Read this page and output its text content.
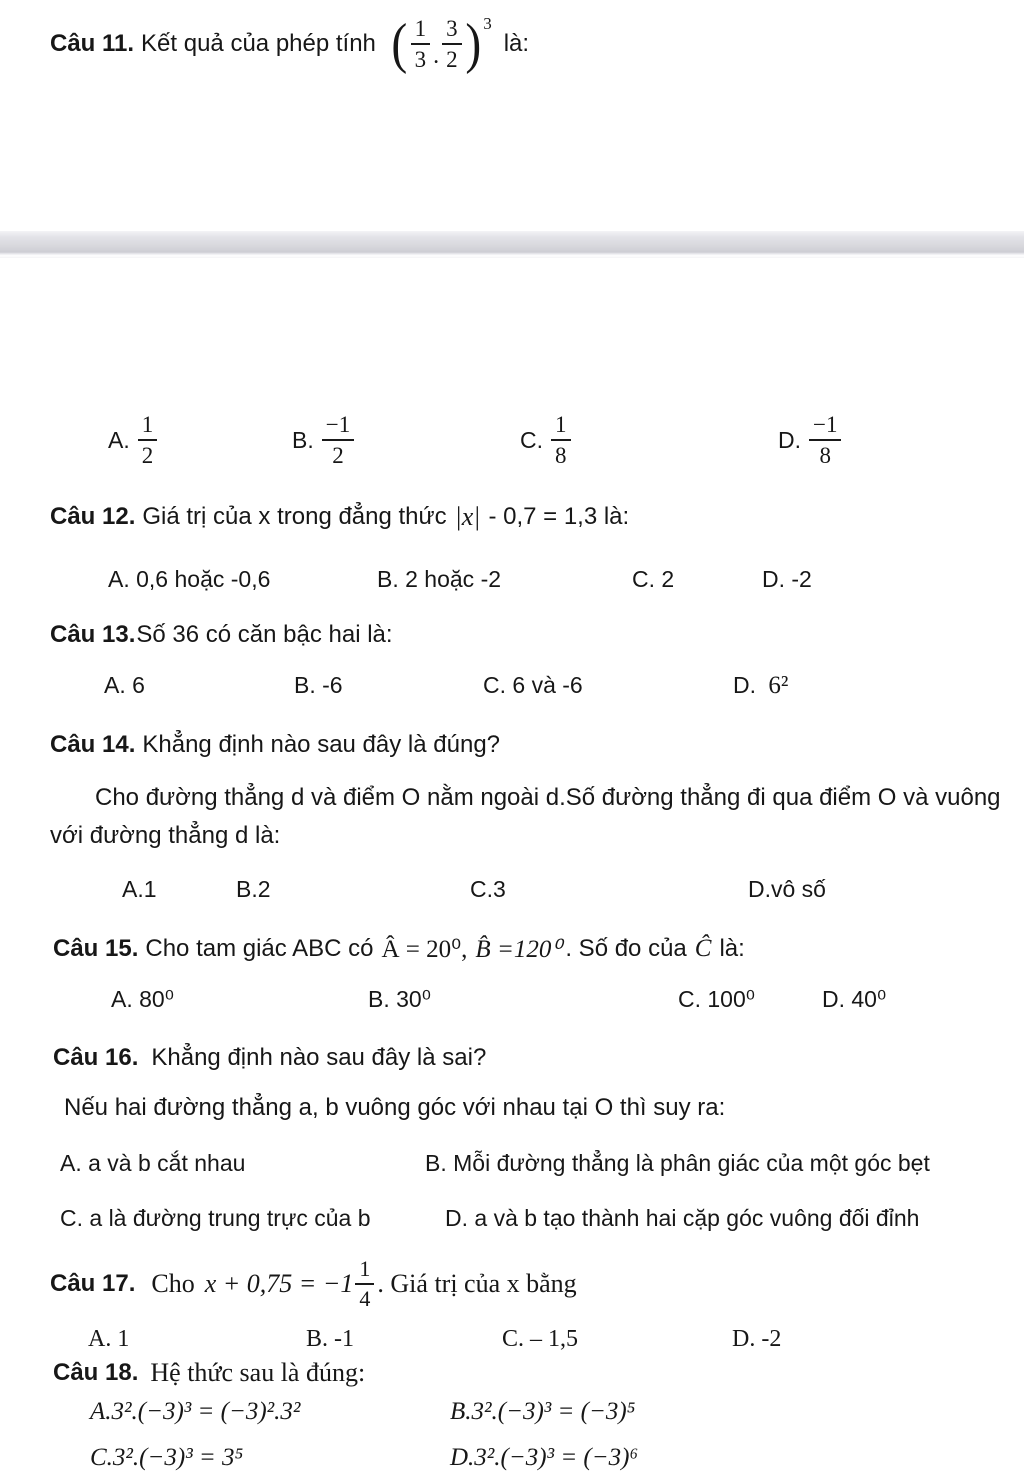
Câu 11. Kết quả của phép tính ( $\frac{1}{3}$ . $\frac{3}{2}$ ) 3
là:
A. $\frac{1}{2}$	B. $\frac{-1}{2}$	C. $\frac{1}{8}$	D. $\frac{-1}{8}$
Câu 12. Giá trị của x trong đẳng thức |x| - 0,7 = 1,3 là:
A. 0,6 hoặc -0,6	B. 2 hoặc -2	C. 2	D. -2
Câu 13. Số 36 có căn bậc hai là:
A. 6	B. -6	C. 6 và -6	D. 6²
Câu 14. Khẳng định nào sau đây là đúng?
Cho đường thẳng d và điểm O nằm ngoài d.Số đường thẳng đi qua điểm O và vuông
với đường thẳng d là:
A.1	B.2	C.3	D.vô số
Câu 15. Cho tam giác ABC có Â = 20⁰, B̂ =120⁰ . Số đo của Ĉ là:
A. 80⁰	B. 30⁰	C. 100⁰	D. 40⁰
Câu 16. Khẳng định nào sau đây là sai?
Nếu hai đường thẳng a, b vuông góc với nhau tại O thì suy ra:
A. a và b cắt nhau	B. Mỗi đường thẳng là phân giác của một góc bẹt
C. a là đường trung trực của b	D. a và b tạo thành hai cặp góc vuông đối đỉnh
Câu 17. Cho $x + 0,75 = -1 \frac{1}{4}$ . Giá trị của x bằng
A. 1	B. -1	C. – 1,5	D. -2
Câu 18. Hệ thức sau là đúng:
A.3².(−3)³ = (−3)².3²	B.3².(−3)³ = (−3)⁵
C.3².(−3)³ = 3⁵	D.3².(−3)³ = (−3)⁶
